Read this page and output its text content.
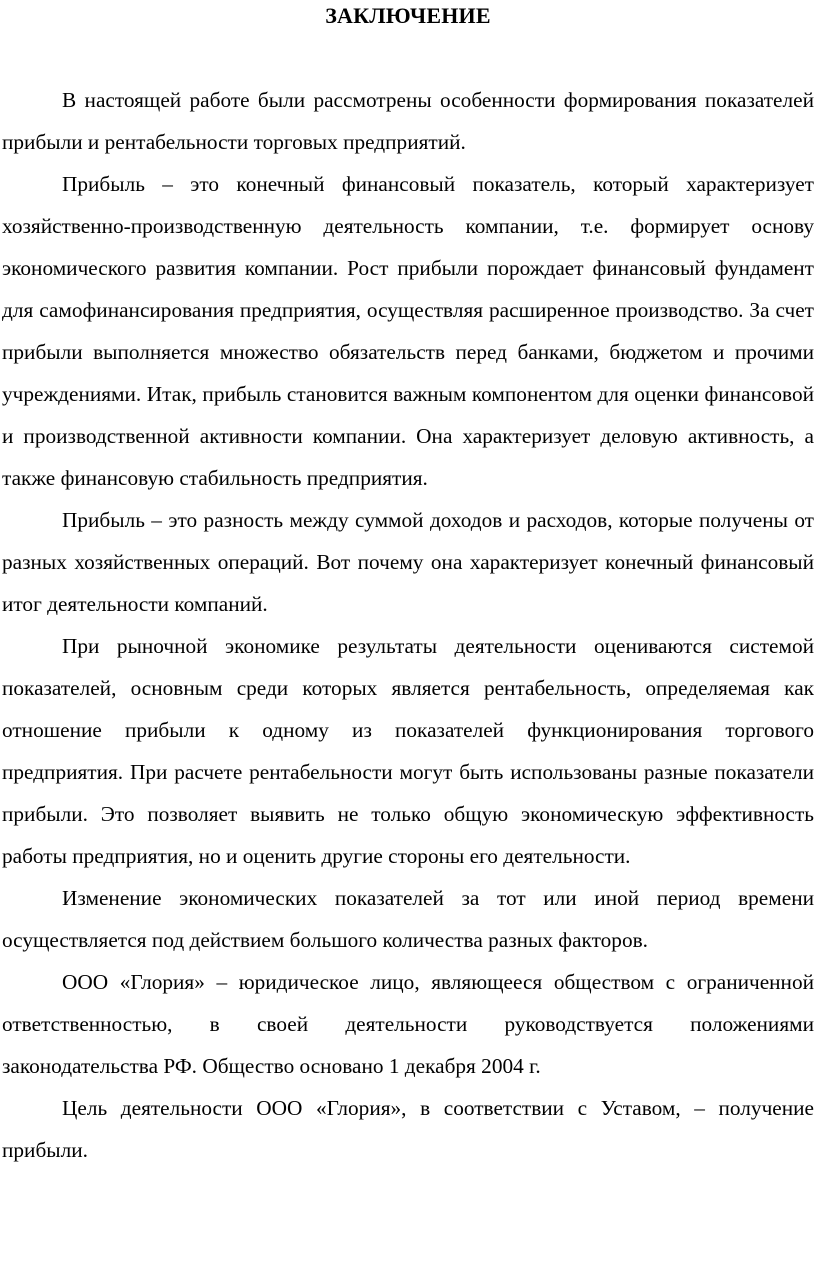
ЗАКЛЮЧЕНИЕ

В настоящей работе были рассмотрены особенности формирования показателей прибыли и рентабельности торговых предприятий.

Прибыль – это конечный финансовый показатель, который характеризует хозяйственно-производственную деятельность компании, т.е. формирует основу экономического развития компании. Рост прибыли порождает финансовый фундамент для самофинансирования предприятия, осуществляя расширенное производство. За счет прибыли выполняется множество обязательств перед банками, бюджетом и прочими учреждениями. Итак, прибыль становится важным компонентом для оценки финансовой и производственной активности компании. Она характеризует деловую активность, а также финансовую стабильность предприятия.

Прибыль – это разность между суммой доходов и расходов, которые получены от разных хозяйственных операций. Вот почему она характеризует конечный финансовый итог деятельности компаний.

При рыночной экономике результаты деятельности оцениваются системой показателей, основным среди которых является рентабельность, определяемая как отношение прибыли к одному из показателей функционирования торгового предприятия. При расчете рентабельности могут быть использованы разные показатели прибыли. Это позволяет выявить не только общую экономическую эффективность работы предприятия, но и оценить другие стороны его деятельности.

Изменение экономических показателей за тот или иной период времени осуществляется под действием большого количества разных факторов.

ООО «Глория» – юридическое лицо, являющееся обществом с ограниченной ответственностью, в своей деятельности руководствуется положениями законодательства РФ. Общество основано 1 декабря 2004 г.

Цель деятельности ООО «Глория», в соответствии с Уставом, – получение прибыли.
